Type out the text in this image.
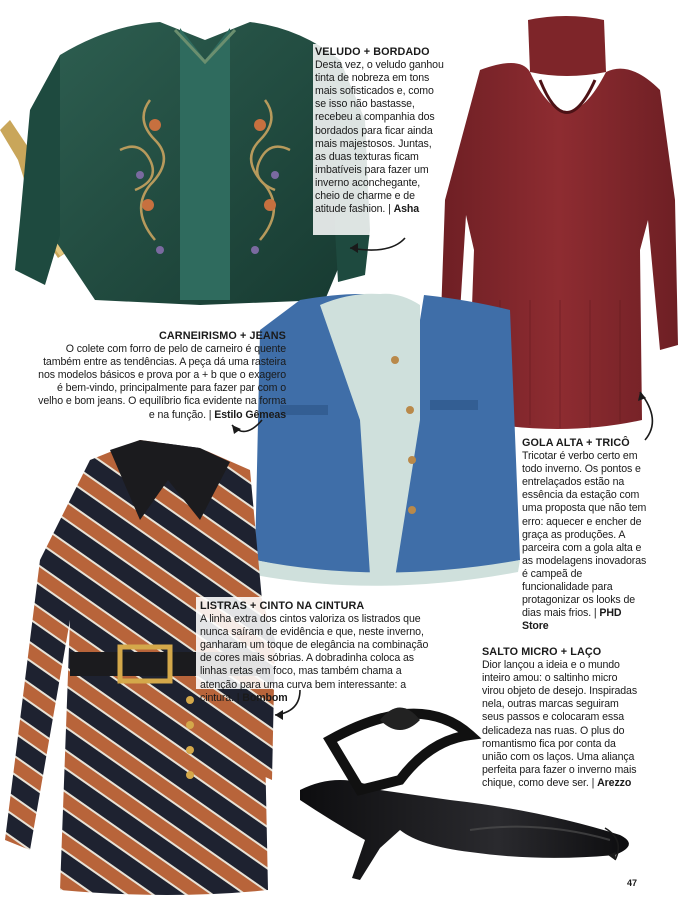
VELUDO + BORDADO
Desta vez, o veludo ganhou tinta de nobreza em tons mais sofisticados e, como se isso não bastasse, recebeu a companhia dos bordados para ficar ainda mais majestosos. Juntas, as duas texturas ficam imbatíveis para fazer um inverno aconchegante, cheio de charme e de atitude fashion. | Asha
CARNEIRISMO + JEANS
O colete com forro de pelo de carneiro é quente também entre as tendências. A peça dá uma rasteira nos modelos básicos e prova por a + b que o exagero é bem-vindo, principalmente para fazer par com o velho e bom jeans. O equilíbrio fica evidente na forma e na função. | Estilo Gêmeas
GOLA ALTA + TRICÔ
Tricotar é verbo certo em todo inverno. Os pontos e entrelaçados estão na essência da estação com uma proposta que não tem erro: aquecer e encher de graça as produções. A parceira com a gola alta e as modelagens inovadoras é campeã de funcionalidade para protagonizar os looks de dias mais frios. | PHD Store
LISTRAS + CINTO NA CINTURA
A linha extra dos cintos valoriza os listrados que nunca saíram de evidência e que, neste inverno, ganharam um toque de elegância na combinação de cores mais sóbrias. A dobradinha coloca as linhas retas em foco, mas também chama a atenção para uma curva bem interessante: a cintura. | Bombom
SALTO MICRO + LAÇO
Dior lançou a ideia e o mundo inteiro amou: o saltinho micro virou objeto de desejo. Inspiradas nela, outras marcas seguiram seus passos e colocaram essa delicadeza nas ruas. O plus do romantismo fica por conta da união com os laços. Uma aliança perfeita para fazer o inverno mais chique, como deve ser. | Arezzo
47
